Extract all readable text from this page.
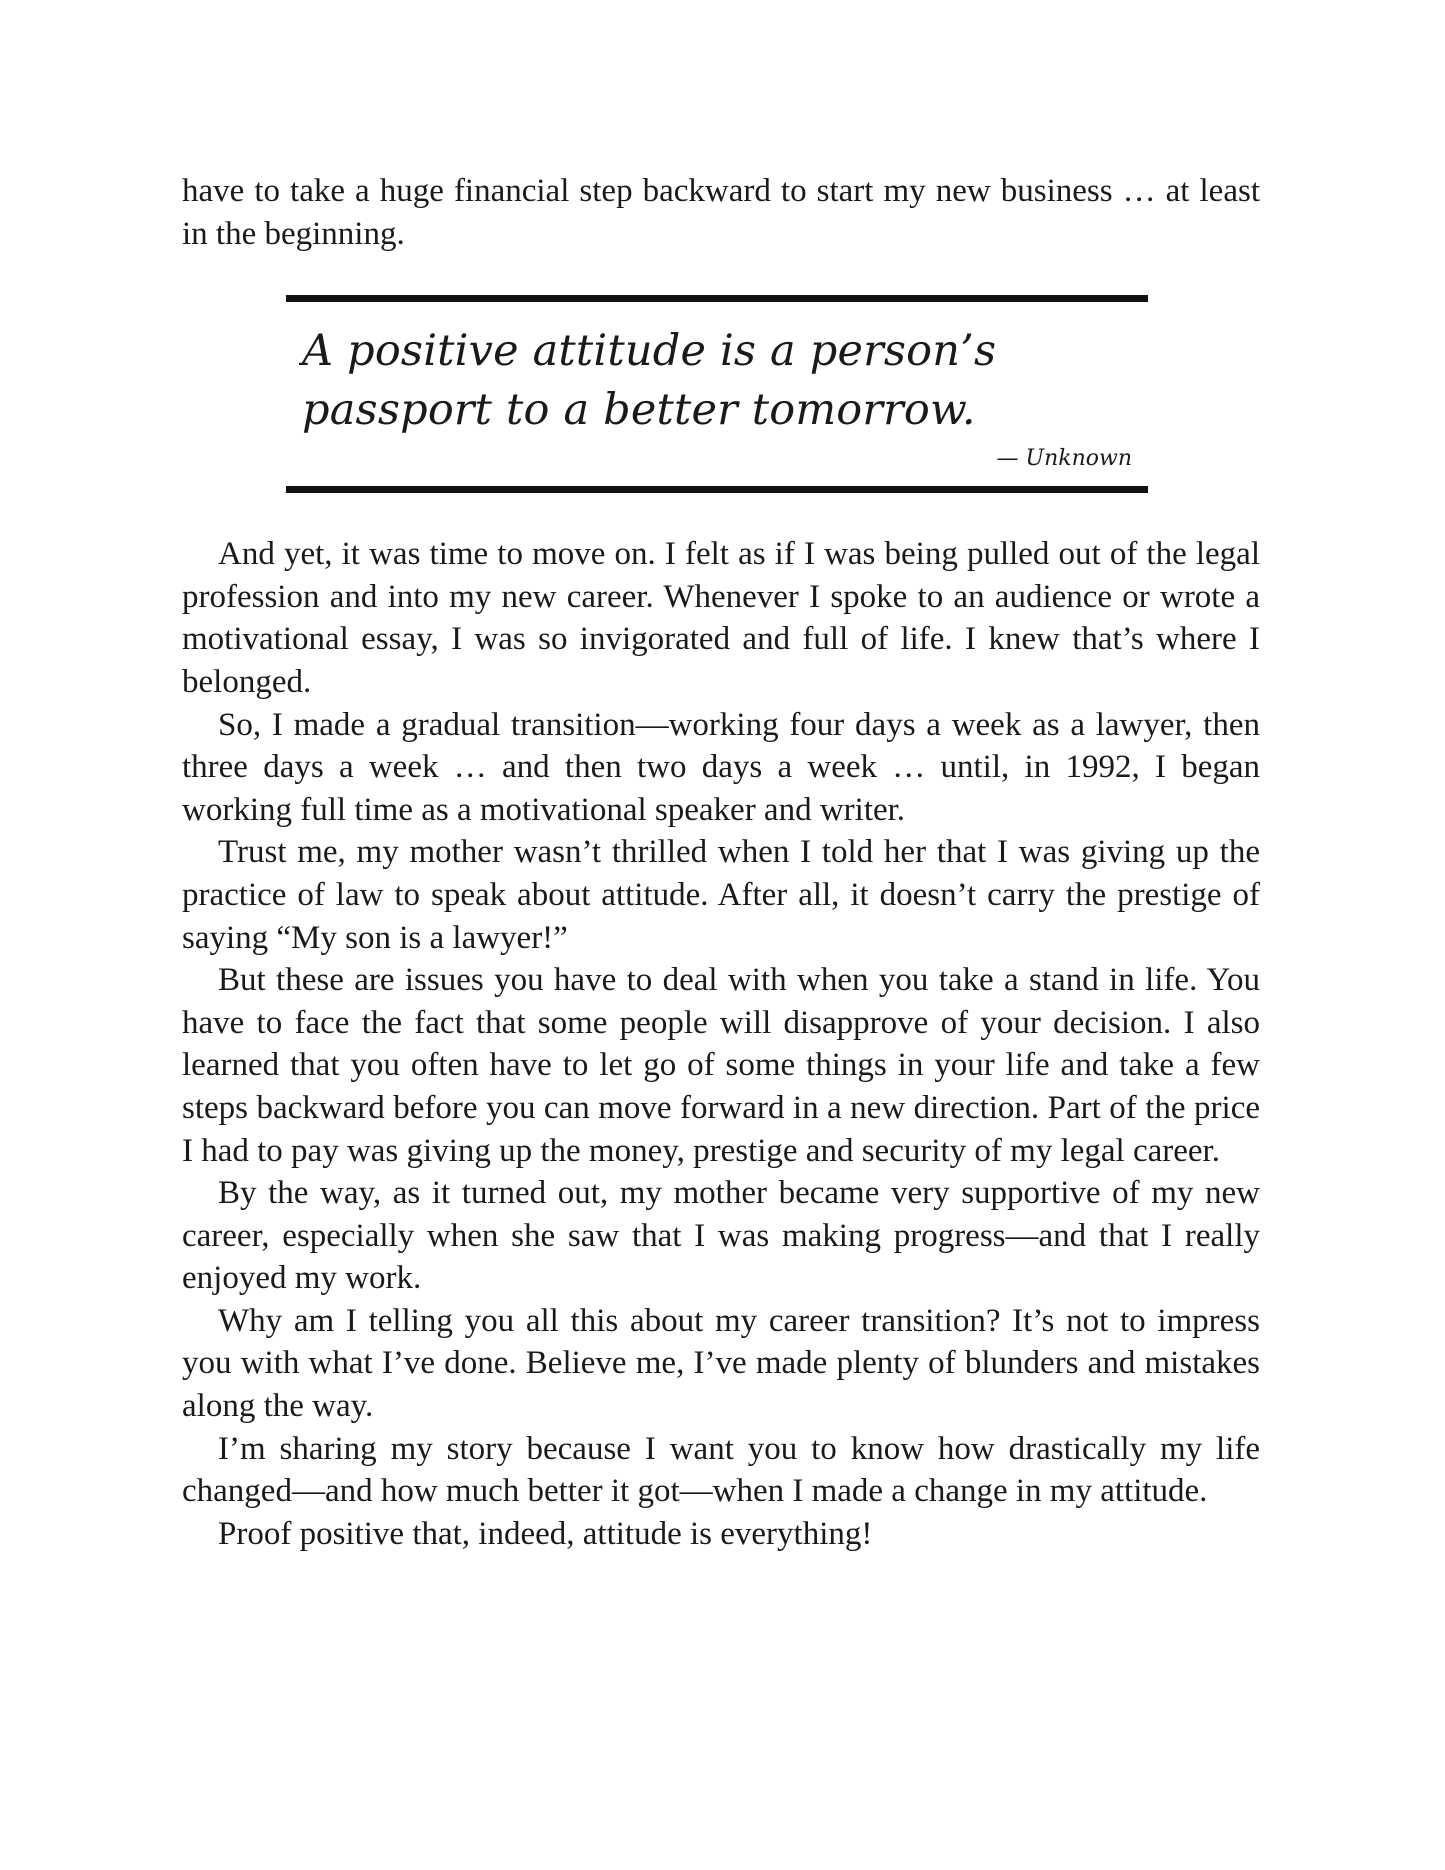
have to take a huge financial step backward to start my new business … at least in the beginning.

A positive attitude is a person’s passport to a better tomorrow.

— Unknown

And yet, it was time to move on. I felt as if I was being pulled out of the legal profession and into my new career. Whenever I spoke to an audience or wrote a motivational essay, I was so invigorated and full of life. I knew that’s where I belonged.

So, I made a gradual transition—working four days a week as a lawyer, then three days a week … and then two days a week … until, in 1992, I began working full time as a motivational speaker and writer.

Trust me, my mother wasn’t thrilled when I told her that I was giving up the practice of law to speak about attitude. After all, it doesn’t carry the prestige of saying “My son is a lawyer!”

But these are issues you have to deal with when you take a stand in life. You have to face the fact that some people will disapprove of your decision. I also learned that you often have to let go of some things in your life and take a few steps backward before you can move forward in a new direction. Part of the price I had to pay was giving up the money, prestige and security of my legal career.

By the way, as it turned out, my mother became very supportive of my new career, especially when she saw that I was making progress—and that I really enjoyed my work.

Why am I telling you all this about my career transition? It’s not to impress you with what I’ve done. Believe me, I’ve made plenty of blunders and mistakes along the way.

I’m sharing my story because I want you to know how drastically my life changed—and how much better it got—when I made a change in my attitude.

Proof positive that, indeed, attitude is everything!
